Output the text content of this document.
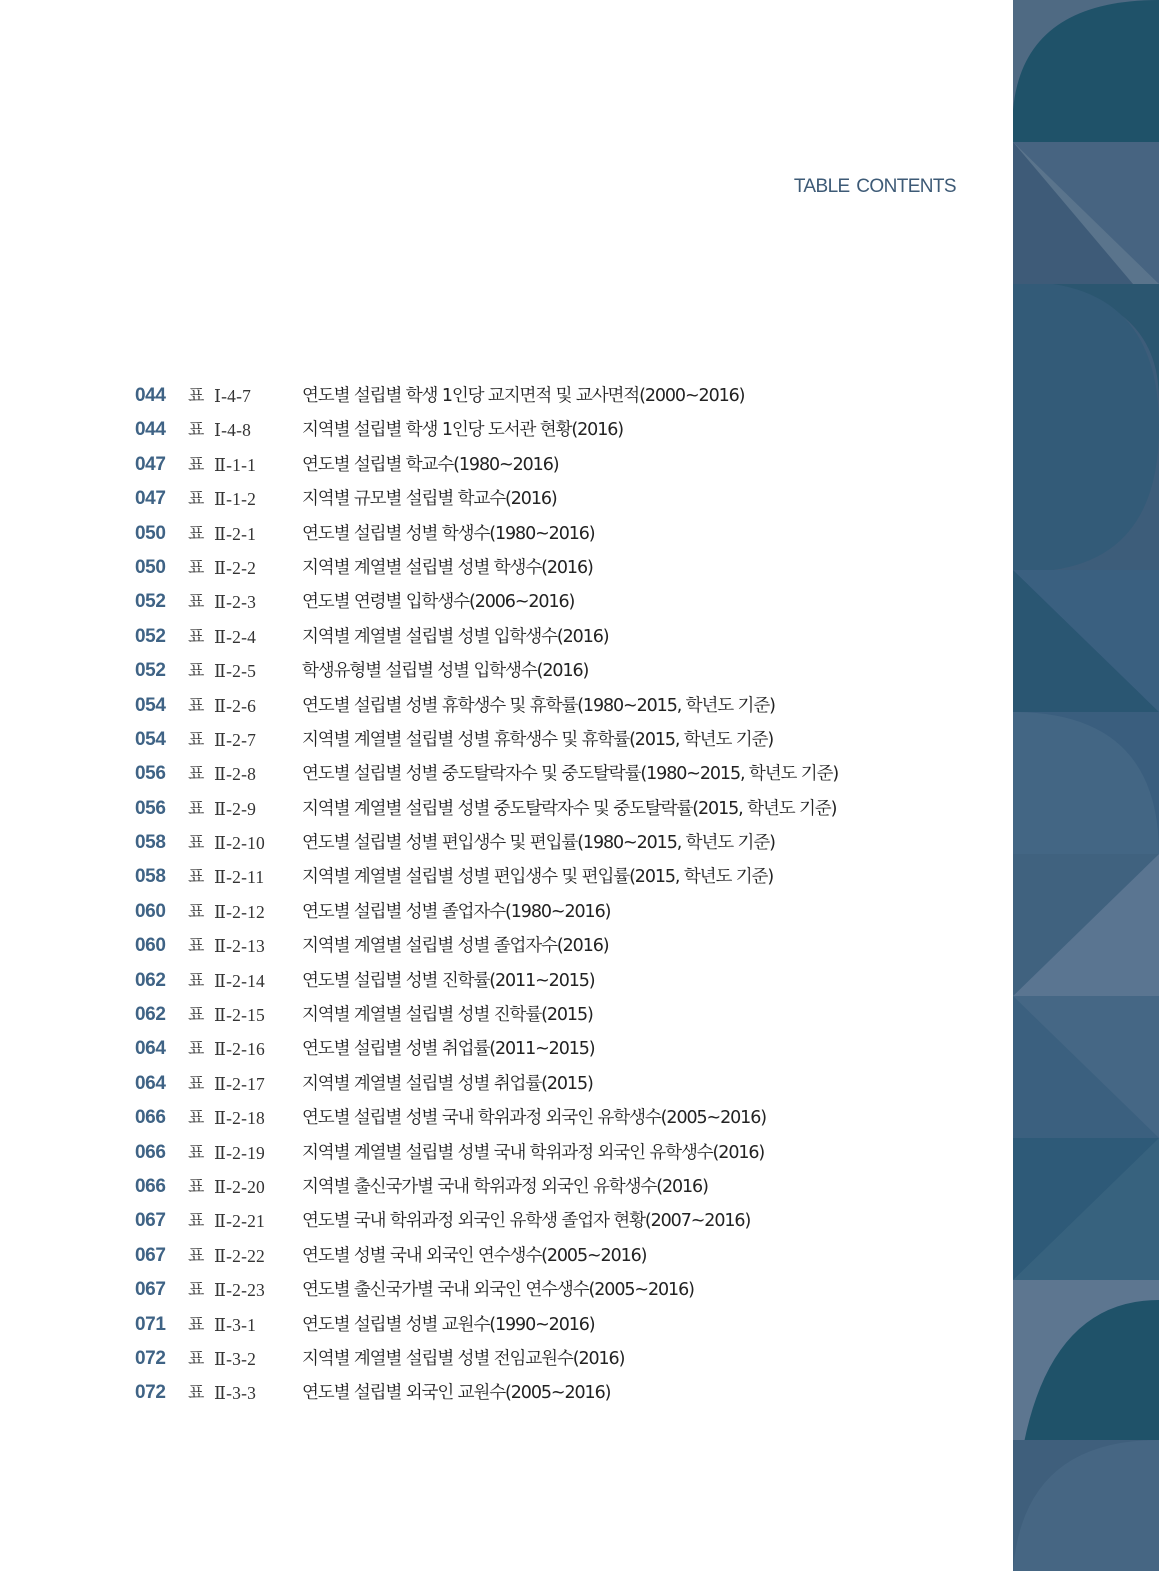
TABLE CONTENTS
044 표 Ⅰ-4-7	연도별 설립별 학생 1인당 교지면적 및 교사면적(2000~2016)
044 표 Ⅰ-4-8	지역별 설립별 학생 1인당 도서관 현황(2016)
047 표 Ⅱ-1-1	연도별 설립별 학교수(1980~2016)
047 표 Ⅱ-1-2	지역별 규모별 설립별 학교수(2016)
050 표 Ⅱ-2-1	연도별 설립별 성별 학생수(1980~2016)
050 표 Ⅱ-2-2	지역별 계열별 설립별 성별 학생수(2016)
052 표 Ⅱ-2-3	연도별 연령별 입학생수(2006~2016)
052 표 Ⅱ-2-4	지역별 계열별 설립별 성별 입학생수(2016)
052 표 Ⅱ-2-5	학생유형별 설립별 성별 입학생수(2016)
054 표 Ⅱ-2-6	연도별 설립별 성별 휴학생수 및 휴학률(1980~2015, 학년도 기준)
054 표 Ⅱ-2-7	지역별 계열별 설립별 성별 휴학생수 및 휴학률(2015, 학년도 기준)
056 표 Ⅱ-2-8	연도별 설립별 성별 중도탈락자수 및 중도탈락률(1980~2015, 학년도 기준)
056 표 Ⅱ-2-9	지역별 계열별 설립별 성별 중도탈락자수 및 중도탈락률(2015, 학년도 기준)
058 표 Ⅱ-2-10 연도별 설립별 성별 편입생수 및 편입률(1980~2015, 학년도 기준)
058 표 Ⅱ-2-11 지역별 계열별 설립별 성별 편입생수 및 편입률(2015, 학년도 기준)
060 표 Ⅱ-2-12 연도별 설립별 성별 졸업자수(1980~2016)
060 표 Ⅱ-2-13 지역별 계열별 설립별 성별 졸업자수(2016)
062 표 Ⅱ-2-14 연도별 설립별 성별 진학률(2011~2015)
062 표 Ⅱ-2-15 지역별 계열별 설립별 성별 진학률(2015)
064 표 Ⅱ-2-16 연도별 설립별 성별 취업률(2011~2015)
064 표 Ⅱ-2-17 지역별 계열별 설립별 성별 취업률(2015)
066 표 Ⅱ-2-18 연도별 설립별 성별 국내 학위과정 외국인 유학생수(2005~2016)
066 표 Ⅱ-2-19 지역별 계열별 설립별 성별 국내 학위과정 외국인 유학생수(2016)
066 표 Ⅱ-2-20 지역별 출신국가별 국내 학위과정 외국인 유학생수(2016)
067 표 Ⅱ-2-21 연도별 국내 학위과정 외국인 유학생 졸업자 현황(2007~2016)
067 표 Ⅱ-2-22 연도별 성별 국내 외국인 연수생수(2005~2016)
067 표 Ⅱ-2-23 연도별 출신국가별 국내 외국인 연수생수(2005~2016)
071 표 Ⅱ-3-1	연도별 설립별 성별 교원수(1990~2016)
072 표 Ⅱ-3-2	지역별 계열별 설립별 성별 전임교원수(2016)
072 표 Ⅱ-3-3	연도별 설립별 외국인 교원수(2005~2016)
